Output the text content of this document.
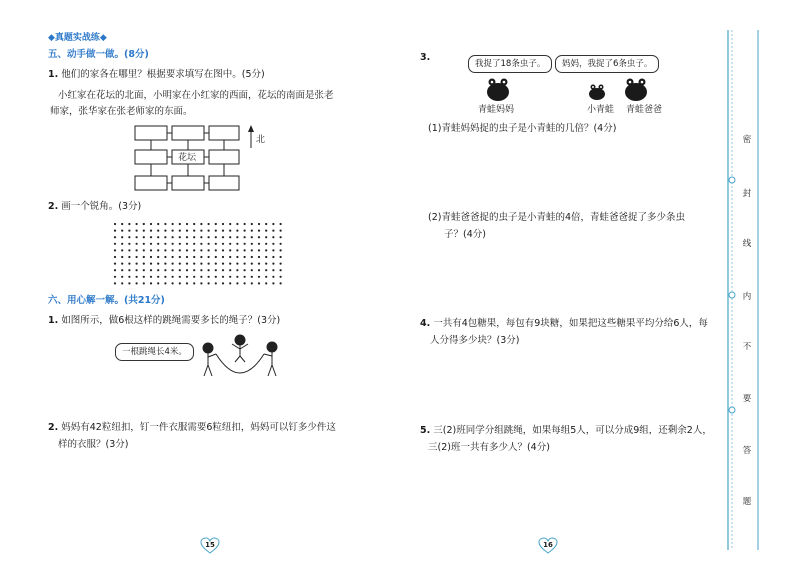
◆真题实战练◆
五、动手做一做。(8分)
1. 他们的家各在哪里？根据要求填写在图中。(5分)
小红家在花坛的北面，小明家在小红家的西面，花坛的南面是张老
师家，张华家在张老师家的东面。
花坛
北
2. 画一个锐角。(3分)
六、用心解一解。(共21分)
1. 如图所示，做6根这样的跳绳需要多长的绳子？(3分)
一根跳绳长4米。
2. 妈妈有42粒纽扣，钉一件衣服需要6粒纽扣，妈妈可以钉多少件这
样的衣服？(3分)
15
3.
我捉了18条虫子。	妈妈，我捉了6条虫子。
青蛙妈妈	小青蛙 青蛙爸爸
(1)青蛙妈妈捉的虫子是小青蛙的几倍？(4分)
(2)青蛙爸爸捉的虫子是小青蛙的4倍，青蛙爸爸捉了多少条虫
子？(4分)
4. 一共有4包糖果，每包有9块糖，如果把这些糖果平均分给6人，每
人分得多少块？(3分)
5. 三(2)班同学分组跳绳，如果每组5人，可以分成9组，还剩余2人，
三(2)班一共有多少人？(4分)
16
密
封
线
内
不
要
答
题
